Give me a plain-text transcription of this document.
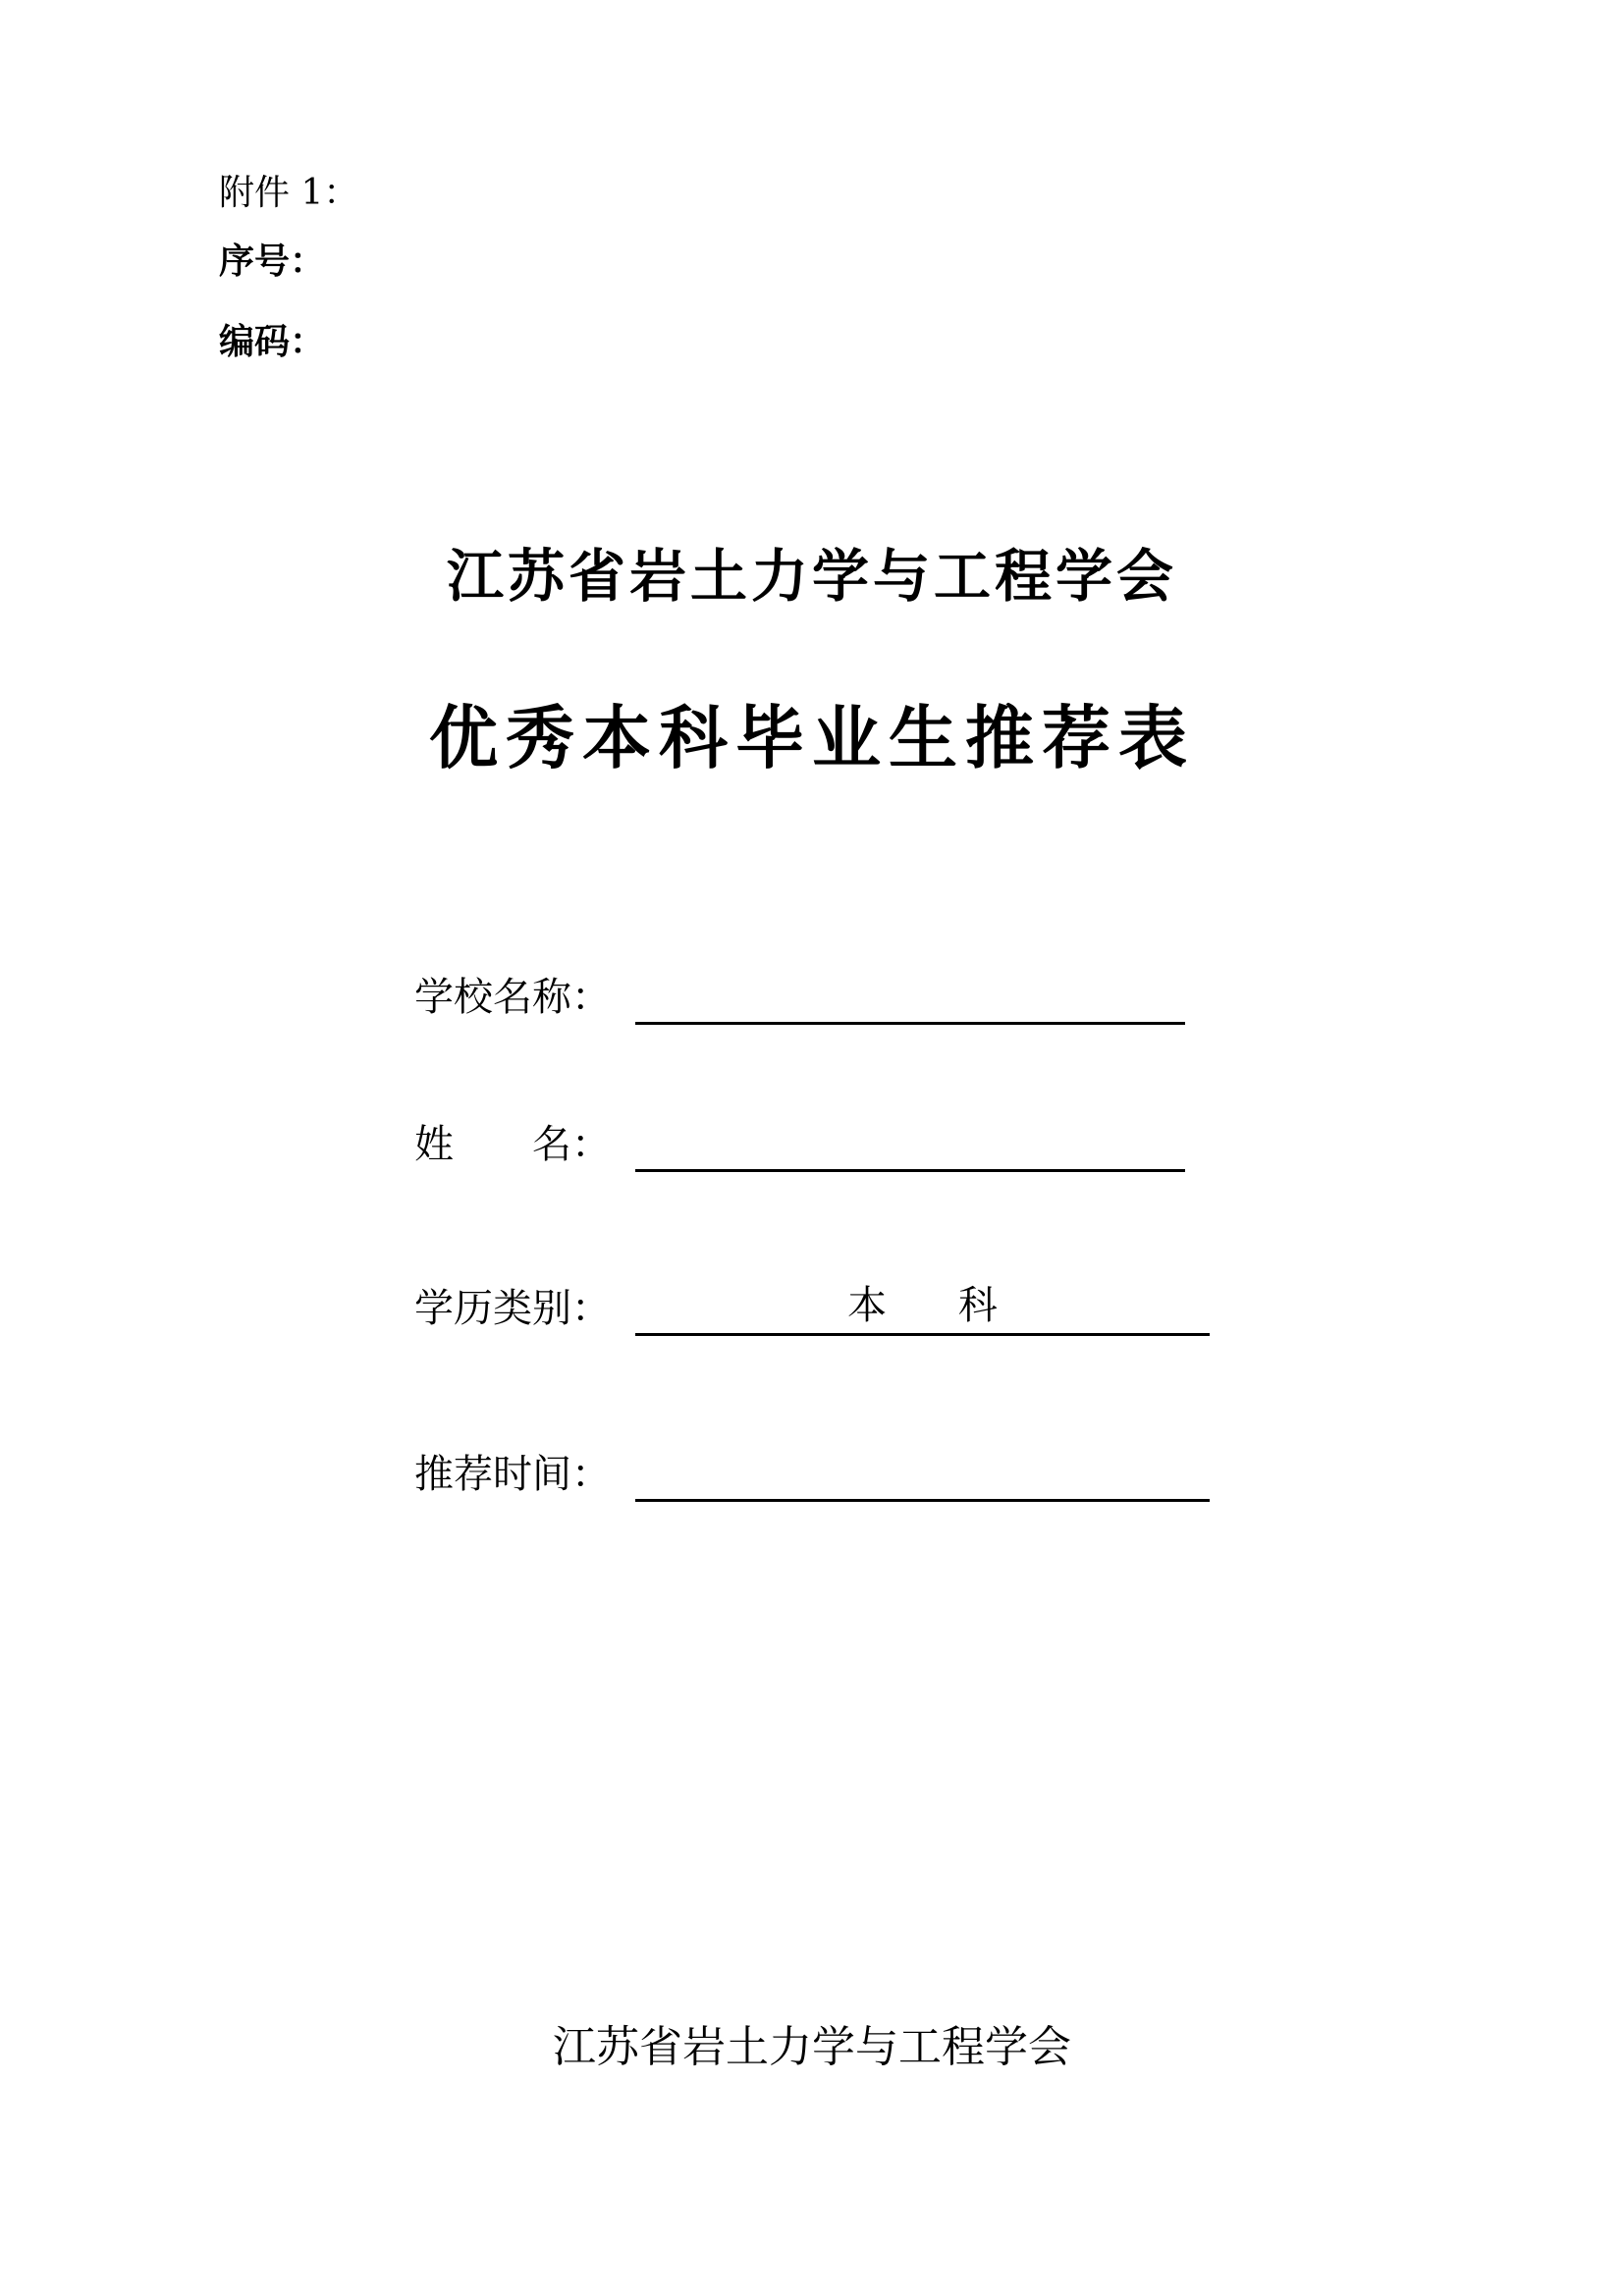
附件 1：
序号：
编码：
江苏省岩土力学与工程学会
优秀本科毕业生推荐表
学校名称：
姓 名：
学历类别：	本 科
推荐时间：
江苏省岩土力学与工程学会
